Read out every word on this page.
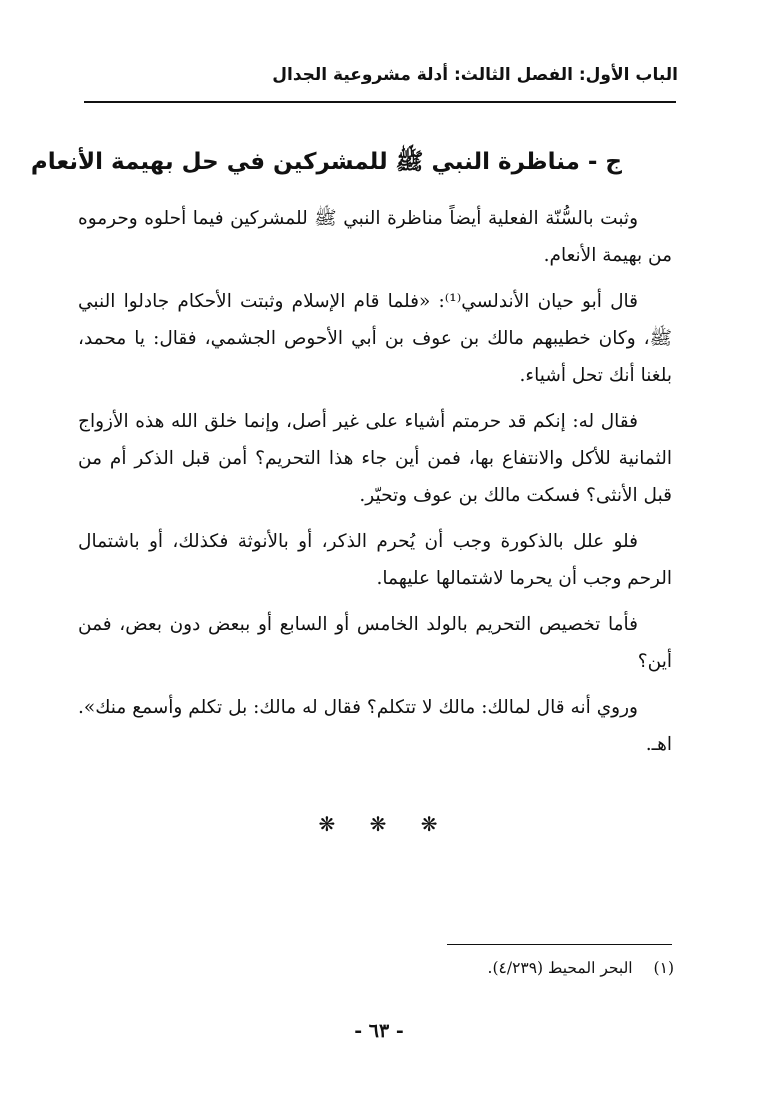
الباب الأول: الفصل الثالث: أدلة مشروعية الجدال
ج - مناظرة النبي ﷺ للمشركين في حل بهيمة الأنعام

وثبت بالسُّنّة الفعلية أيضاً مناظرة النبي ﷺ للمشركين فيما أحلوه وحرموه من بهيمة الأنعام.

قال أبو حيان الأندلسي⁽¹⁾: «فلما قام الإسلام وثبتت الأحكام جادلوا النبي ﷺ، وكان خطيبهم مالك بن عوف بن أبي الأحوص الجشمي، فقال: يا محمد، بلغنا أنك تحل أشياء.

فقال له: إنكم قد حرمتم أشياء على غير أصل، وإنما خلق الله هذه الأزواج الثمانية للأكل والانتفاع بها، فمن أين جاء هذا التحريم؟ أمن قبل الذكر أم من قبل الأنثى؟ فسكت مالك بن عوف وتحيّر.

فلو علل بالذكورة وجب أن يُحرم الذكر، أو بالأنوثة فكذلك، أو باشتمال الرحم وجب أن يحرما لاشتمالها عليهما.

فأما تخصيص التحريم بالولد الخامس أو السابع أو ببعض دون بعض، فمن أين؟

وروي أنه قال لمالك: مالك لا تتكلم؟ فقال له مالك: بل تكلم وأسمع منك». اهـ.

❋ ❋ ❋
(١) البحر المحيط (٤/٢٣٩).
- ٦٣ -
